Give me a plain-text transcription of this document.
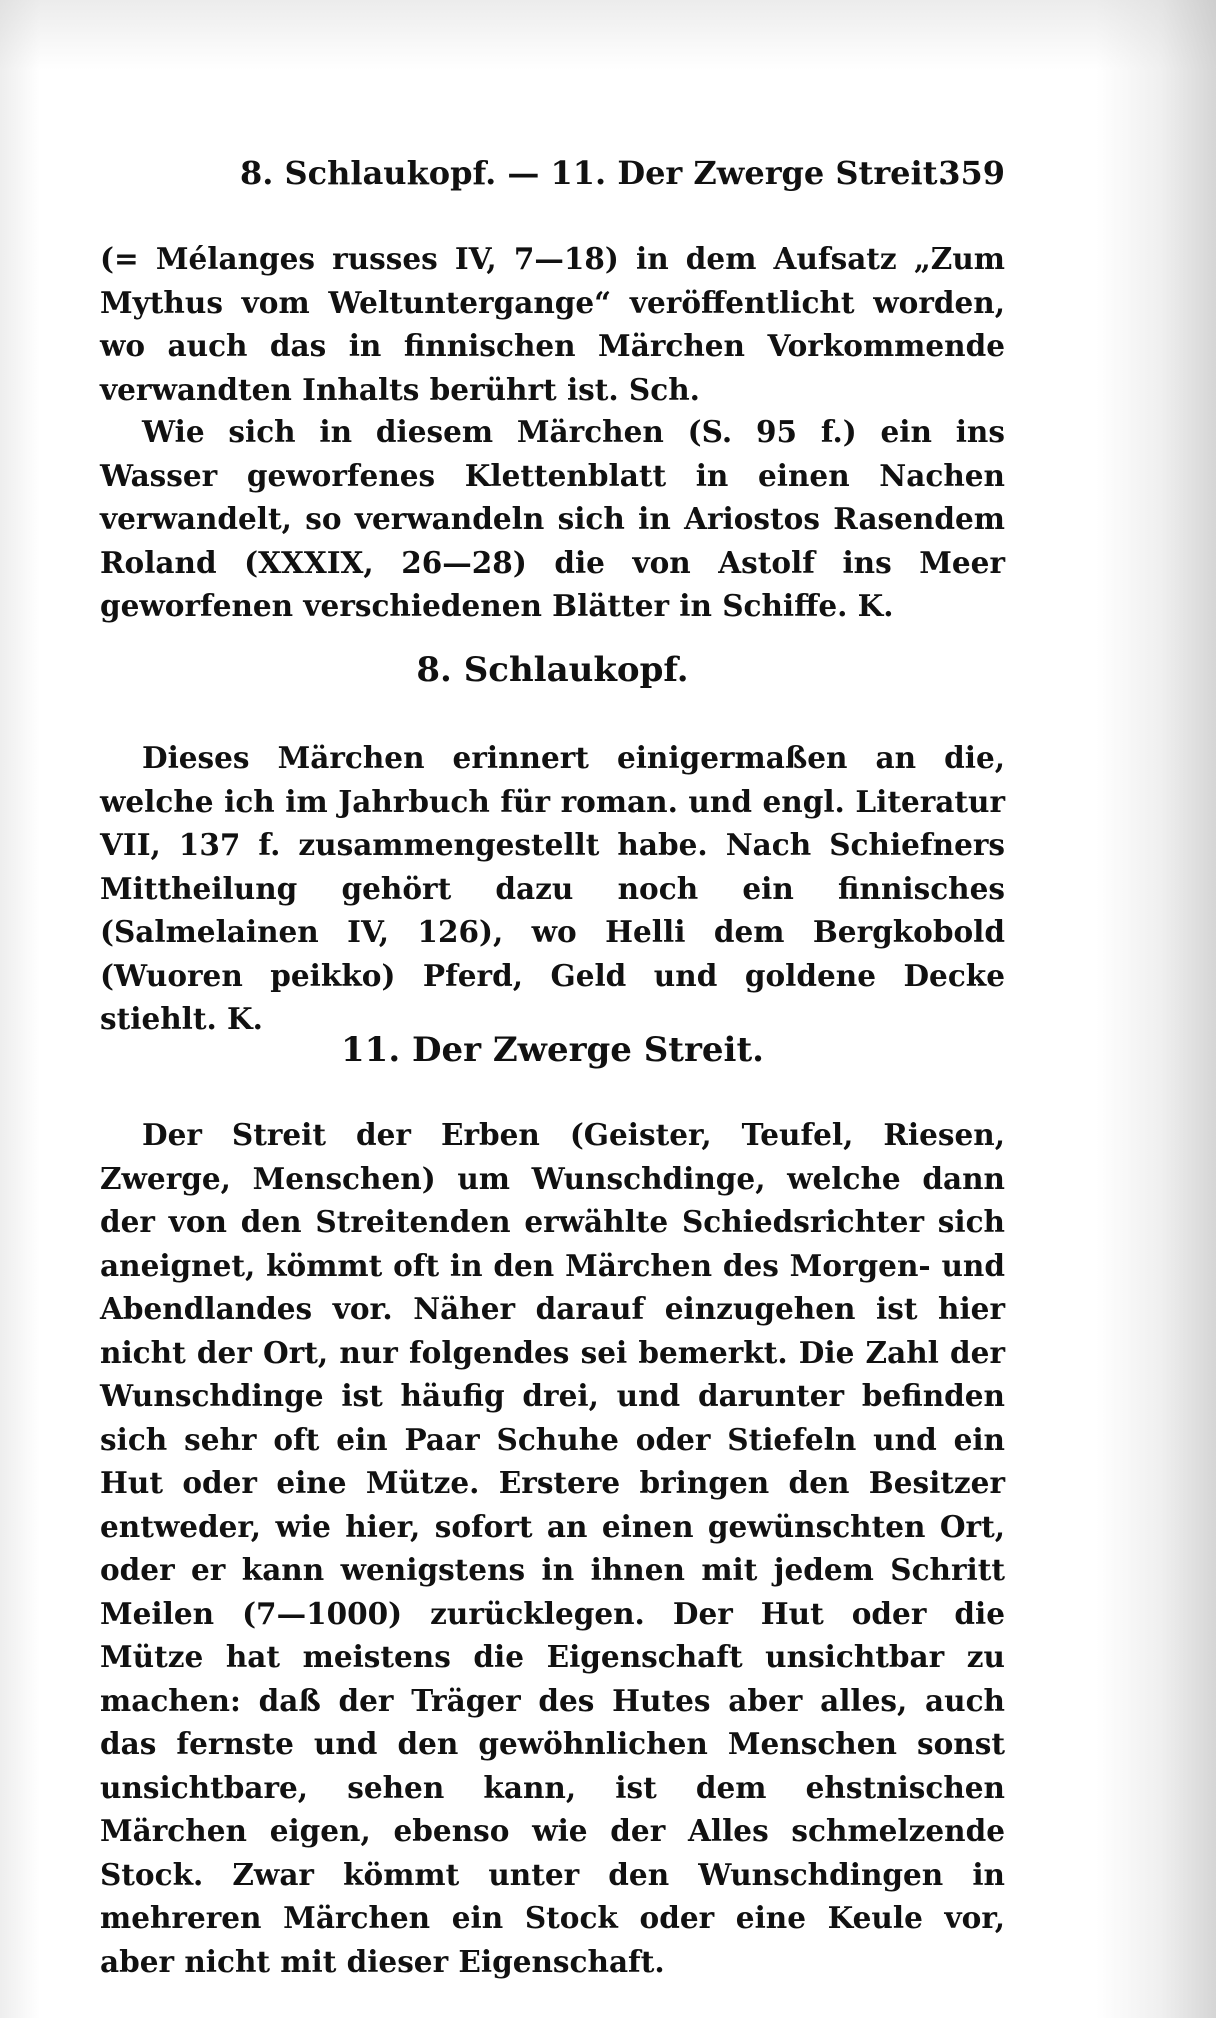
8. Schlaukopf. — 11. Der Zwerge Streit.
359

(= Mélanges russes IV, 7—18) in dem Aufsatz „Zum Mythus vom Weltuntergange“ veröffentlicht worden, wo auch das in finnischen Märchen Vorkommende verwandten Inhalts berührt ist. Sch.

Wie sich in diesem Märchen (S. 95 f.) ein ins Wasser geworfenes Klettenblatt in einen Nachen verwandelt, so verwandeln sich in Ariostos Rasendem Roland (XXXIX, 26—28) die von Astolf ins Meer geworfenen verschiedenen Blätter in Schiffe. K.

8. Schlaukopf.

Dieses Märchen erinnert einigermaßen an die, welche ich im Jahrbuch für roman. und engl. Literatur VII, 137 f. zusammengestellt habe. Nach Schiefners Mittheilung gehört dazu noch ein finnisches (Salmelainen IV, 126), wo Helli dem Bergkobold (Wuoren peikko) Pferd, Geld und goldene Decke stiehlt. K.

11. Der Zwerge Streit.

Der Streit der Erben (Geister, Teufel, Riesen, Zwerge, Menschen) um Wunschdinge, welche dann der von den Streitenden erwählte Schiedsrichter sich aneignet, kömmt oft in den Märchen des Morgen- und Abendlandes vor. Näher darauf einzugehen ist hier nicht der Ort, nur folgendes sei bemerkt. Die Zahl der Wunschdinge ist häufig drei, und darunter befinden sich sehr oft ein Paar Schuhe oder Stiefeln und ein Hut oder eine Mütze. Erstere bringen den Besitzer entweder, wie hier, sofort an einen gewünschten Ort, oder er kann wenigstens in ihnen mit jedem Schritt Meilen (7—1000) zurücklegen. Der Hut oder die Mütze hat meistens die Eigenschaft unsichtbar zu machen: daß der Träger des Hutes aber alles, auch das fernste und den gewöhnlichen Menschen sonst unsichtbare, sehen kann, ist dem ehstnischen Märchen eigen, ebenso wie der Alles schmelzende Stock. Zwar kömmt unter den Wunschdingen in mehreren Märchen ein Stock oder eine Keule vor, aber nicht mit dieser Eigenschaft.
